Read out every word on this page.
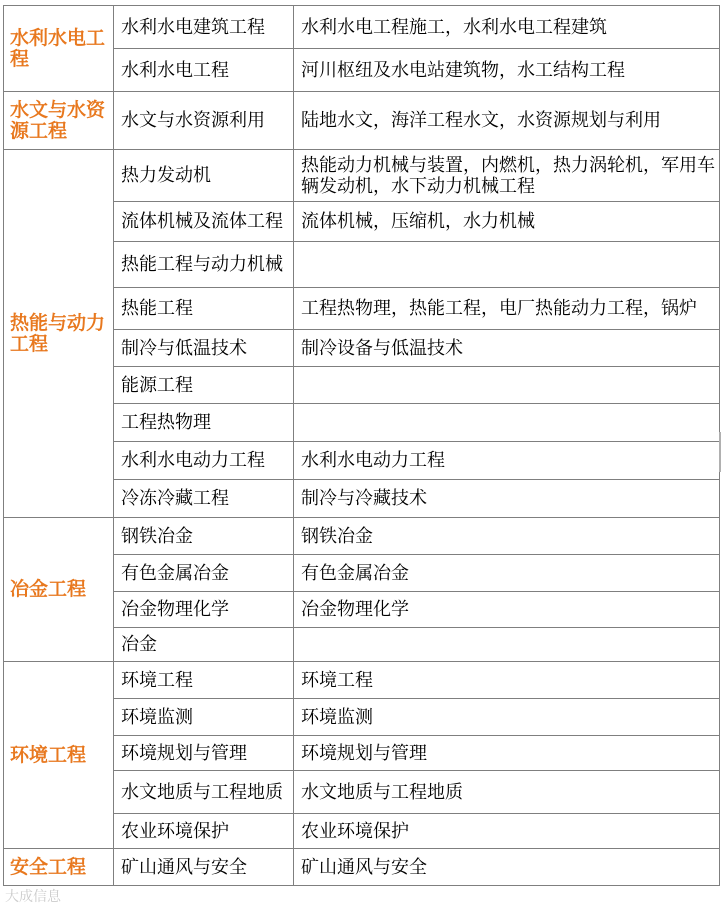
水利水电工程	水利水电建筑工程	水利水电工程施工，水利水电工程建筑
	水利水电工程	河川枢纽及水电站建筑物，水工结构工程
水文与水资源工程	水文与水资源利用	陆地水文，海洋工程水文，水资源规划与利用
热能与动力工程	热力发动机	热能动力机械与装置，内燃机，热力涡轮机，军用车辆发动机，水下动力机械工程
	流体机械及流体工程	流体机械，压缩机，水力机械
	热能工程与动力机械	
	热能工程	工程热物理，热能工程，电厂热能动力工程，锅炉
	制冷与低温技术	制冷设备与低温技术
	能源工程	
	工程热物理	
	水利水电动力工程	水利水电动力工程
	冷冻冷藏工程	制冷与冷藏技术
冶金工程	钢铁冶金	钢铁冶金
	有色金属冶金	有色金属冶金
	冶金物理化学	冶金物理化学
	冶金	
环境工程	环境工程	环境工程
	环境监测	环境监测
	环境规划与管理	环境规划与管理
	水文地质与工程地质	水文地质与工程地质
	农业环境保护	农业环境保护
安全工程	矿山通风与安全	矿山通风与安全
大成信息
